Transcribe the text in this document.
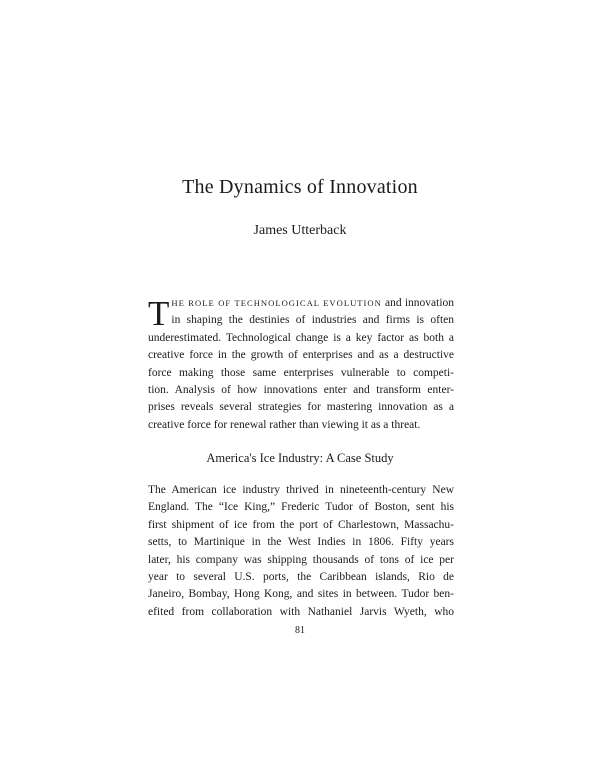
The Dynamics of Innovation
James Utterback
T HE ROLE OF TECHNOLOGICAL EVOLUTION and innovation
in shaping the destinies of industries and firms is often
underestimated. Technological change is a key factor as both a
creative force in the growth of enterprises and as a destructive
force making those same enterprises vulnerable to competi-
tion. Analysis of how innovations enter and transform enter-
prises reveals several strategies for mastering innovation as a
creative force for renewal rather than viewing it as a threat.
America's Ice Industry: A Case Study
The American ice industry thrived in nineteenth-century New
England. The “Ice King,” Frederic Tudor of Boston, sent his
first shipment of ice from the port of Charlestown, Massachu-
setts, to Martinique in the West Indies in 1806. Fifty years
later, his company was shipping thousands of tons of ice per
year to several U.S. ports, the Caribbean islands, Rio de
Janeiro, Bombay, Hong Kong, and sites in between. Tudor ben-
efited from collaboration with Nathaniel Jarvis Wyeth, who
81
